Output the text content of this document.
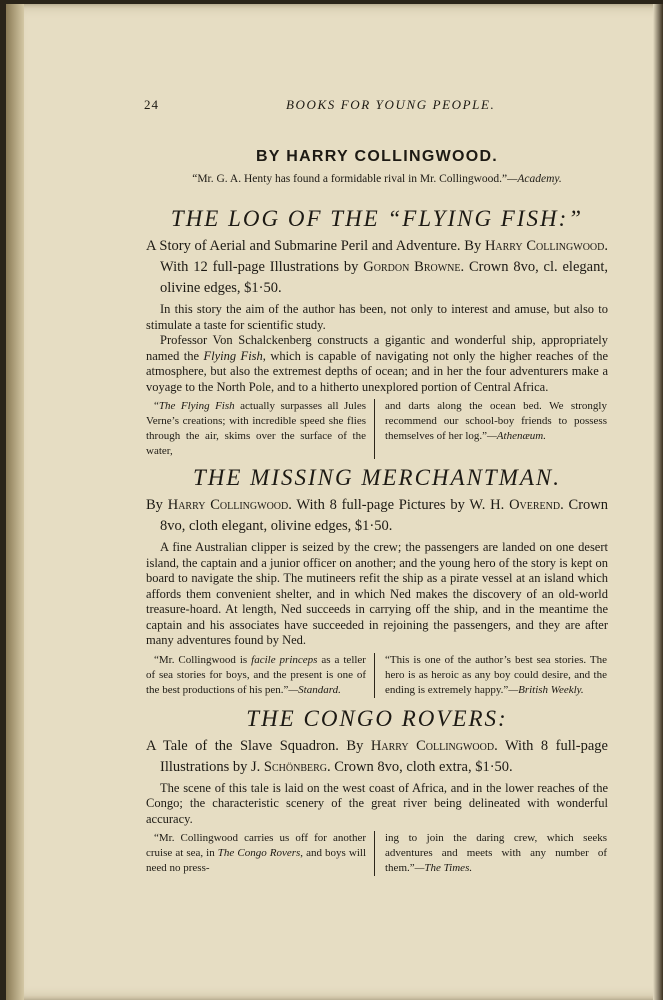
24	BOOKS FOR YOUNG PEOPLE.
BY HARRY COLLINGWOOD.
“Mr. G. A. Henty has found a formidable rival in Mr. Collingwood.”—Academy.
THE LOG OF THE “FLYING FISH:”
A Story of Aerial and Submarine Peril and Adventure. By Harry Collingwood. With 12 full-page Illustrations by Gordon Browne. Crown 8vo, cl. elegant, olivine edges, $1·50.
In this story the aim of the author has been, not only to interest and amuse, but also to stimulate a taste for scientific study.
Professor Von Schalckenberg constructs a gigantic and wonderful ship, appropriately named the Flying Fish, which is capable of navigating not only the higher reaches of the atmosphere, but also the extremest depths of ocean; and in her the four adventurers make a voyage to the North Pole, and to a hitherto unexplored portion of Central Africa.
“The Flying Fish actually surpasses all Jules Verne’s creations; with incredible speed she flies through the air, skims over the surface of the water,
and darts along the ocean bed. We strongly recommend our school-boy friends to possess themselves of her log.”—Athenæum.
THE MISSING MERCHANTMAN.
By Harry Collingwood. With 8 full-page Pictures by W. H. Overend. Crown 8vo, cloth elegant, olivine edges, $1·50.
A fine Australian clipper is seized by the crew; the passengers are landed on one desert island, the captain and a junior officer on another; and the young hero of the story is kept on board to navigate the ship. The mutineers refit the ship as a pirate vessel at an island which affords them convenient shelter, and in which Ned makes the discovery of an old-world treasure-hoard. At length, Ned succeeds in carrying off the ship, and in the meantime the captain and his associates have succeeded in rejoining the passengers, and they are after many adventures found by Ned.
“Mr. Collingwood is facile princeps as a teller of sea stories for boys, and the present is one of the best productions of his pen.”—Standard.
“This is one of the author’s best sea stories. The hero is as heroic as any boy could desire, and the ending is extremely happy.”—British Weekly.
THE CONGO ROVERS:
A Tale of the Slave Squadron. By Harry Collingwood. With 8 full-page Illustrations by J. Schönberg. Crown 8vo, cloth extra, $1·50.
The scene of this tale is laid on the west coast of Africa, and in the lower reaches of the Congo; the characteristic scenery of the great river being delineated with wonderful accuracy.
“Mr. Collingwood carries us off for another cruise at sea, in The Congo Rovers, and boys will need no press-
ing to join the daring crew, which seeks adventures and meets with any number of them.”—The Times.
